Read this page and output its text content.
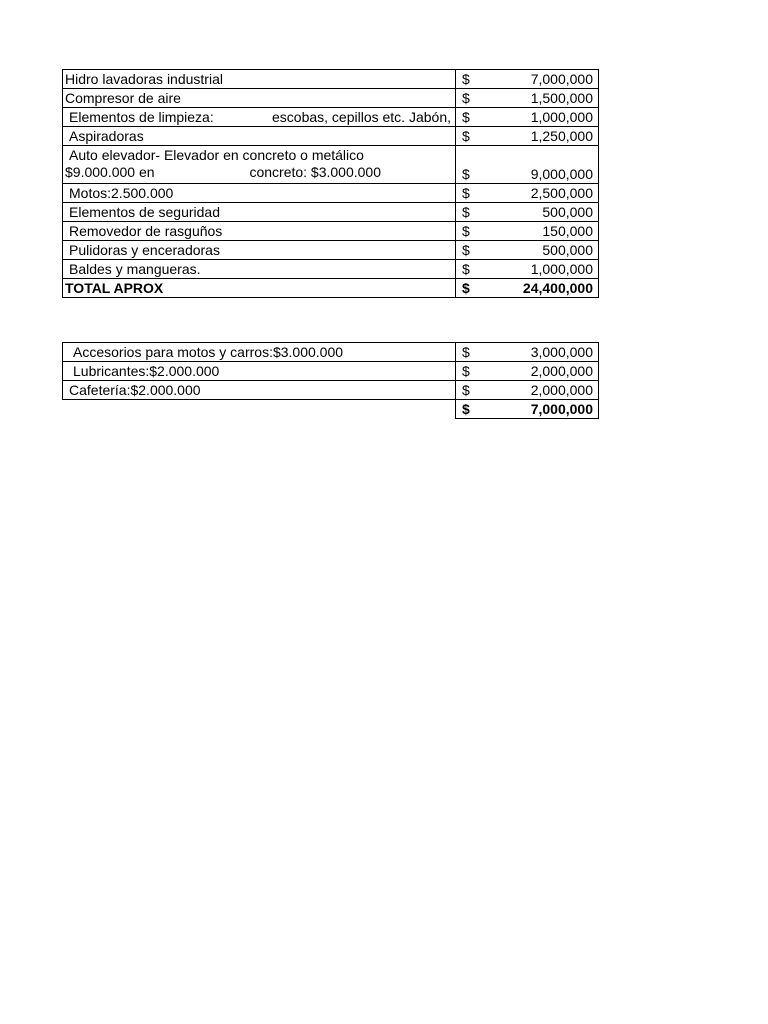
Hidro lavadoras industrial	$	7,000,000
Compresor de aire	$	1,500,000

Elementos de limpieza: escobas, cepillos etc. Jabón,	$	1,000,000
Aspiradoras	$	1,250,000

Auto elevador- Elevador en concreto o metálico
$9.000.000 en concreto: $3.000.000	$	9,000,000
Motos:2.500.000	$	2,500,000
Elementos de seguridad	$	500,000
Removedor de rasguños	$	150,000
Pulidoras y enceradoras	$	500,000
Baldes y mangueras.	$	1,000,000
TOTAL APROX	$	24,400,000
Accesorios para motos y carros:$3.000.000	$	3,000,000
Lubricantes:$2.000.000	$	2,000,000
Cafetería:$2.000.000	$	2,000,000
	$	7,000,000
